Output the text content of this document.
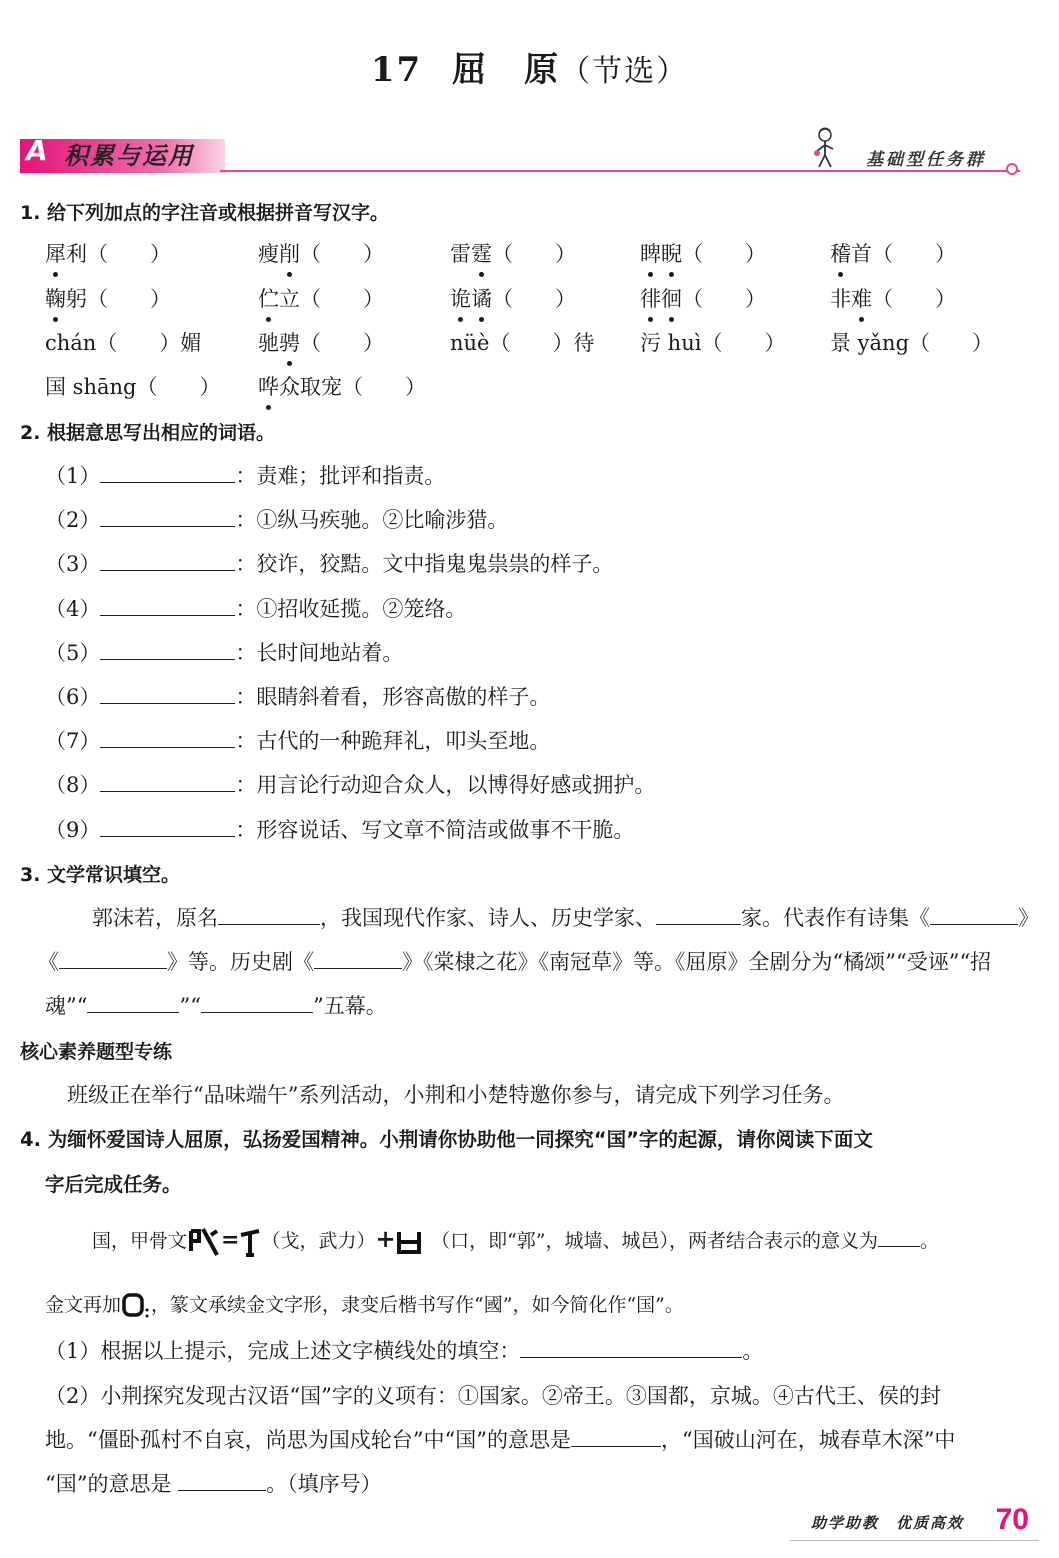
17 屈　原（节选）
A 积累与运用	基础型任务群
1. 给下列加点的字注音或根据拼音写汉字。
犀利（　　）	瘦削（　　）	雷霆（　　）	睥睨（　　）	稽首（　　）
鞠躬（　　）	伫立（　　）	诡谲（　　）	徘徊（　　）	非难（　　）
chán（　　）媚	驰骋（　　）	nüè（　　）待 污 huì（　　） 景 yǎng（　　）
国 shāng（　　） 哗众取宠（　　）
2. 根据意思写出相应的词语。
（1）	：责难；批评和指责。
（2）	：①纵马疾驰。②比喻涉猎。
（3）	：狡诈，狡黠。文中指鬼鬼祟祟的样子。
（4）	：①招收延揽。②笼络。
（5）	：长时间地站着。
（6）	：眼睛斜着看，形容高傲的样子。
（7）	：古代的一种跪拜礼，叩头至地。
（8）	：用言论行动迎合众人，以博得好感或拥护。
（9）	：形容说话、写文章不简洁或做事不干脆。
3. 文学常识填空。
郭沫若，原名	，我国现代作家、诗人、历史学家、	家。代表作有诗集《	》
《	》等。历史剧《	》《棠棣之花》《南冠草》等。《屈原》全剧分为“橘颂”“受诬”“招
魂”“	”“	”五幕。
核心素养题型专练
班级正在举行“品味端午”系列活动，小荆和小楚特邀你参与，请完成下列学习任务。
4. 为缅怀爱国诗人屈原，弘扬爱国精神。小荆请你协助他一同探究“国”字的起源，请你阅读下面文
字后完成任务。
国，甲骨文 = （戈，武力）+　 （口，即“郭”，城墙、城邑），两者结合表示的意义为 。
金文再加 ，篆文承续金文字形，隶变后楷书写作“國”，如今简化作“国”。
（1）根据以上提示，完成上述文字横线处的填空：	。
（2）小荆探究发现古汉语“国”字的义项有：①国家。②帝王。③国都，京城。④古代王、侯的封
地。“僵卧孤村不自哀，尚思为国戍轮台”中“国”的意思是	，“国破山河在，城春草木深”中
“国”的意思是	。（填序号）
助学助教　优质高效 70
